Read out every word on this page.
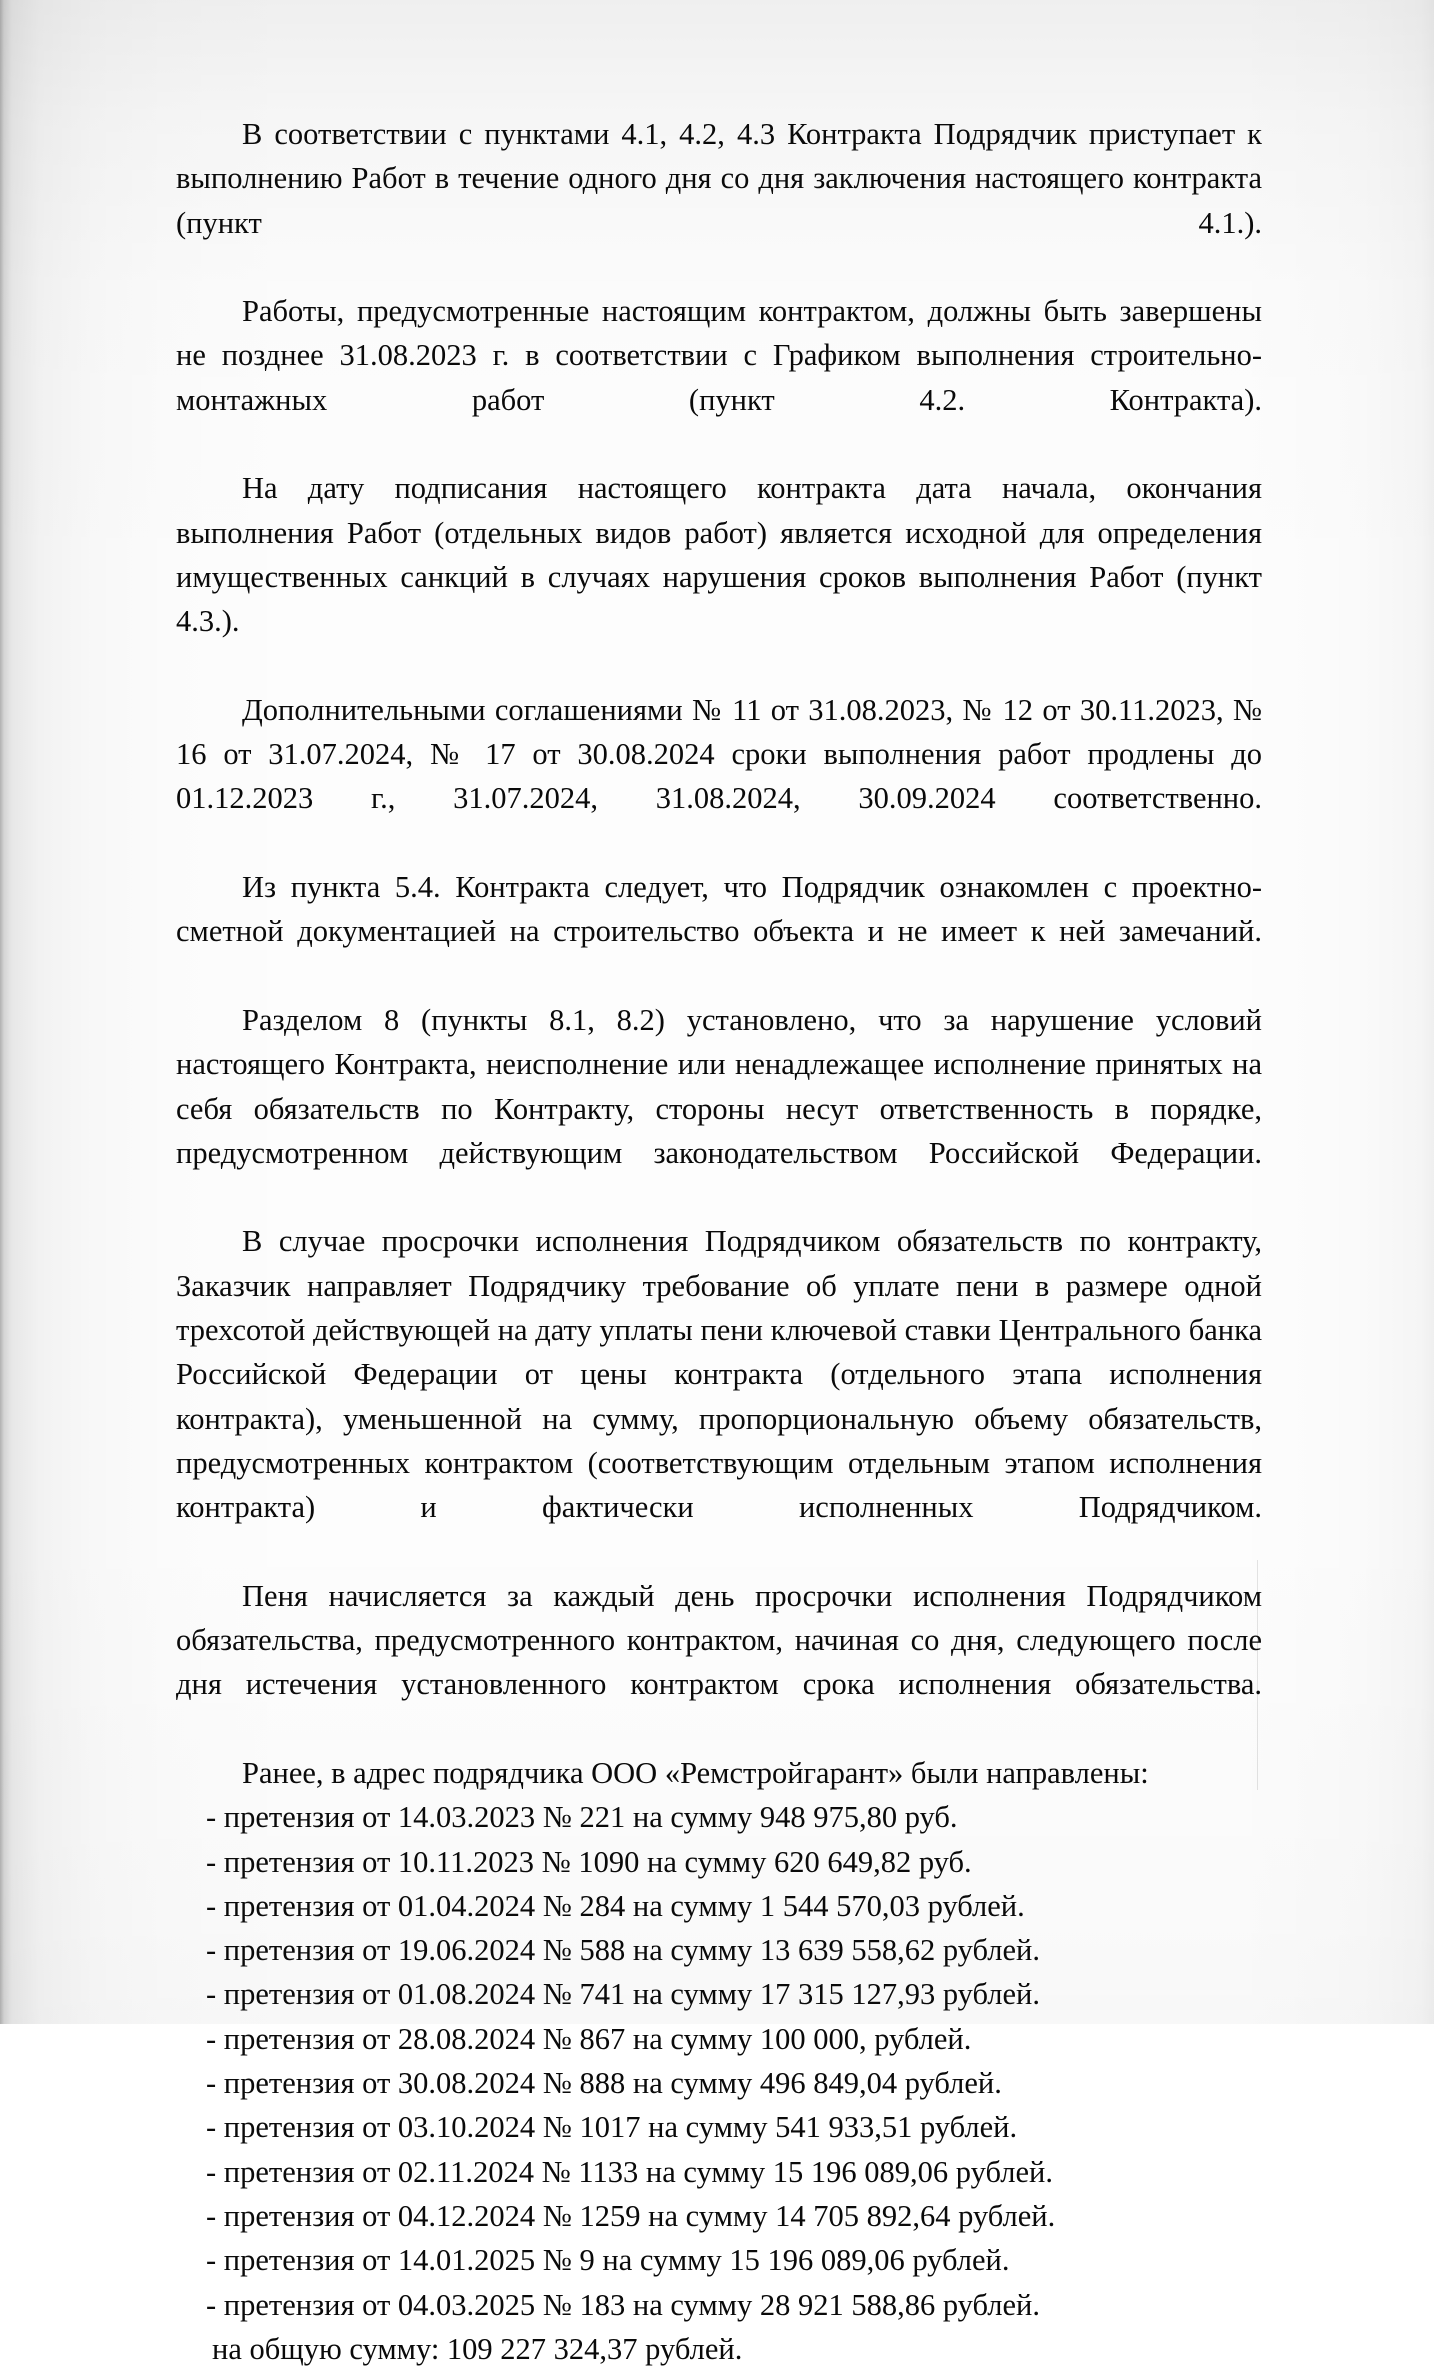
В соответствии с пунктами 4.1, 4.2, 4.3 Контракта Подрядчик приступает к выполнению Работ в течение одного дня со дня заключения настоящего контракта (пункт 4.1.).

Работы, предусмотренные настоящим контрактом, должны быть завершены не позднее 31.08.2023 г. в соответствии с Графиком выполнения строительно-монтажных работ (пункт 4.2. Контракта).

На дату подписания настоящего контракта дата начала, окончания выполнения Работ (отдельных видов работ) является исходной для определения имущественных санкций в случаях нарушения сроков выполнения Работ (пункт 4.3.).

Дополнительными соглашениями № 11 от 31.08.2023, № 12 от 30.11.2023, № 16 от 31.07.2024, № 17 от 30.08.2024 сроки выполнения работ продлены до 01.12.2023 г., 31.07.2024, 31.08.2024, 30.09.2024 соответственно.

Из пункта 5.4. Контракта следует, что Подрядчик ознакомлен с проектно-сметной документацией на строительство объекта и не имеет к ней замечаний.

Разделом 8 (пункты 8.1, 8.2) установлено, что за нарушение условий настоящего Контракта, неисполнение или ненадлежащее исполнение принятых на себя обязательств по Контракту, стороны несут ответственность в порядке, предусмотренном действующим законодательством Российской Федерации.

В случае просрочки исполнения Подрядчиком обязательств по контракту, Заказчик направляет Подрядчику требование об уплате пени в размере одной трехсотой действующей на дату уплаты пени ключевой ставки Центрального банка Российской Федерации от цены контракта (отдельного этапа исполнения контракта), уменьшенной на сумму, пропорциональную объему обязательств, предусмотренных контрактом (соответствующим отдельным этапом исполнения контракта) и фактически исполненных Подрядчиком.

Пеня начисляется за каждый день просрочки исполнения Подрядчиком обязательства, предусмотренного контрактом, начиная со дня, следующего после дня истечения установленного контрактом срока исполнения обязательства.

Ранее, в адрес подрядчика ООО «Ремстройгарант» были направлены:

- претензия от 14.03.2023 № 221 на сумму 948 975,80 руб.
- претензия от 10.11.2023 № 1090 на сумму 620 649,82 руб.
- претензия от 01.04.2024 № 284 на сумму 1 544 570,03 рублей.
- претензия от 19.06.2024 № 588 на сумму 13 639 558,62 рублей.
- претензия от 01.08.2024 № 741 на сумму 17 315 127,93 рублей.
- претензия от 28.08.2024 № 867 на сумму 100 000, рублей.
- претензия от 30.08.2024 № 888 на сумму 496 849,04 рублей.
- претензия от 03.10.2024 № 1017 на сумму 541 933,51 рублей.
- претензия от 02.11.2024 № 1133 на сумму 15 196 089,06 рублей.
- претензия от 04.12.2024 № 1259 на сумму 14 705 892,64 рублей.
- претензия от 14.01.2025 № 9 на сумму 15 196 089,06 рублей.
- претензия от 04.03.2025 № 183 на сумму 28 921 588,86 рублей.

на общую сумму: 109 227 324,37 рублей.
